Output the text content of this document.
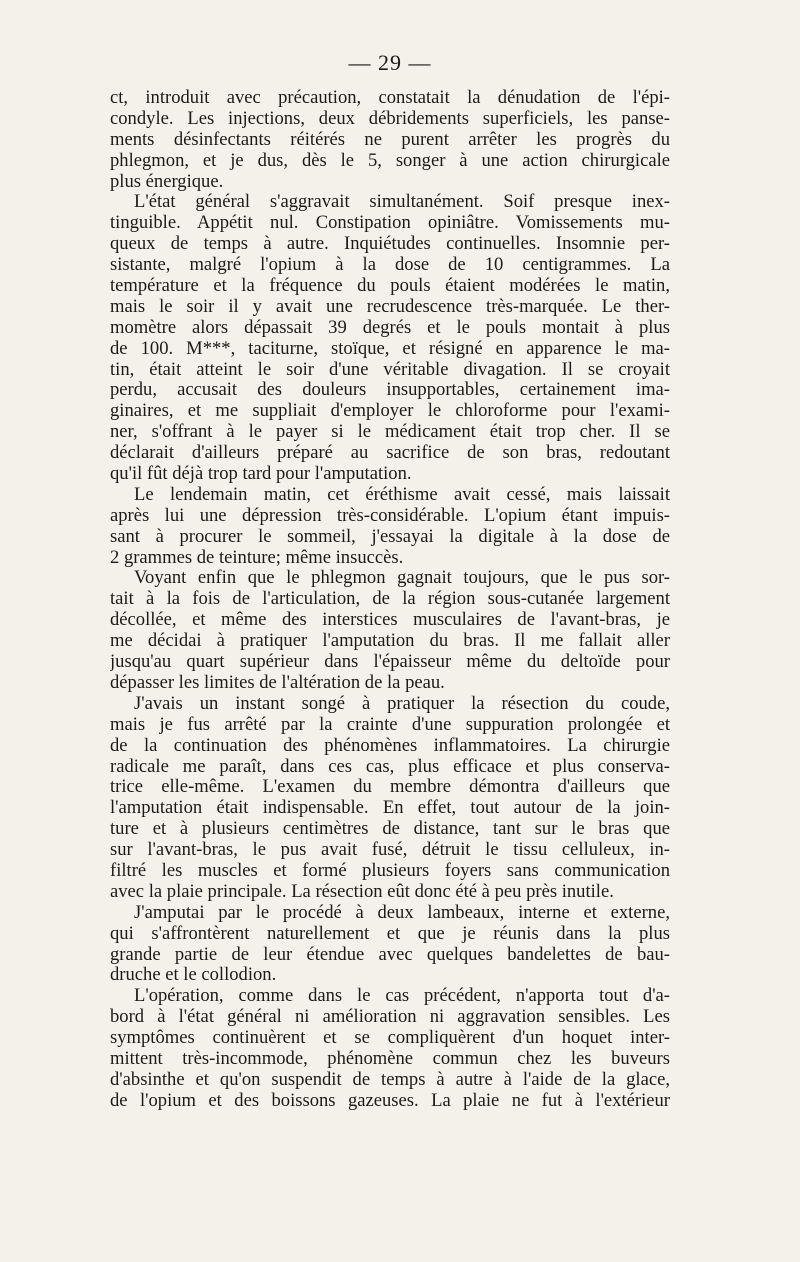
— 29 —
ct, introduit avec précaution, constatait la dénudation de l'épi-
condyle. Les injections, deux débridements superficiels, les panse-
ments désinfectants réitérés ne purent arrêter les progrès du
phlegmon, et je dus, dès le 5, songer à une action chirurgicale
plus énergique.
L'état général s'aggravait simultanément. Soif presque inex-
tinguible. Appétit nul. Constipation opiniâtre. Vomissements mu-
queux de temps à autre. Inquiétudes continuelles. Insomnie per-
sistante, malgré l'opium à la dose de 10 centigrammes. La
température et la fréquence du pouls étaient modérées le matin,
mais le soir il y avait une recrudescence très-marquée. Le ther-
momètre alors dépassait 39 degrés et le pouls montait à plus
de 100. M***, taciturne, stoïque, et résigné en apparence le ma-
tin, était atteint le soir d'une véritable divagation. Il se croyait
perdu, accusait des douleurs insupportables, certainement ima-
ginaires, et me suppliait d'employer le chloroforme pour l'exami-
ner, s'offrant à le payer si le médicament était trop cher. Il se
déclarait d'ailleurs préparé au sacrifice de son bras, redoutant
qu'il fût déjà trop tard pour l'amputation.
Le lendemain matin, cet éréthisme avait cessé, mais laissait
après lui une dépression très-considérable. L'opium étant impuis-
sant à procurer le sommeil, j'essayai la digitale à la dose de
2 grammes de teinture; même insuccès.
Voyant enfin que le phlegmon gagnait toujours, que le pus sor-
tait à la fois de l'articulation, de la région sous-cutanée largement
décollée, et même des interstices musculaires de l'avant-bras, je
me décidai à pratiquer l'amputation du bras. Il me fallait aller
jusqu'au quart supérieur dans l'épaisseur même du deltoïde pour
dépasser les limites de l'altération de la peau.
J'avais un instant songé à pratiquer la résection du coude,
mais je fus arrêté par la crainte d'une suppuration prolongée et
de la continuation des phénomènes inflammatoires. La chirurgie
radicale me paraît, dans ces cas, plus efficace et plus conserva-
trice elle-même. L'examen du membre démontra d'ailleurs que
l'amputation était indispensable. En effet, tout autour de la join-
ture et à plusieurs centimètres de distance, tant sur le bras que
sur l'avant-bras, le pus avait fusé, détruit le tissu celluleux, in-
filtré les muscles et formé plusieurs foyers sans communication
avec la plaie principale. La résection eût donc été à peu près inutile.
J'amputai par le procédé à deux lambeaux, interne et externe,
qui s'affrontèrent naturellement et que je réunis dans la plus
grande partie de leur étendue avec quelques bandelettes de bau-
druche et le collodion.
L'opération, comme dans le cas précédent, n'apporta tout d'a-
bord à l'état général ni amélioration ni aggravation sensibles. Les
symptômes continuèrent et se compliquèrent d'un hoquet inter-
mittent très-incommode, phénomène commun chez les buveurs
d'absinthe et qu'on suspendit de temps à autre à l'aide de la glace,
de l'opium et des boissons gazeuses. La plaie ne fut à l'extérieur
